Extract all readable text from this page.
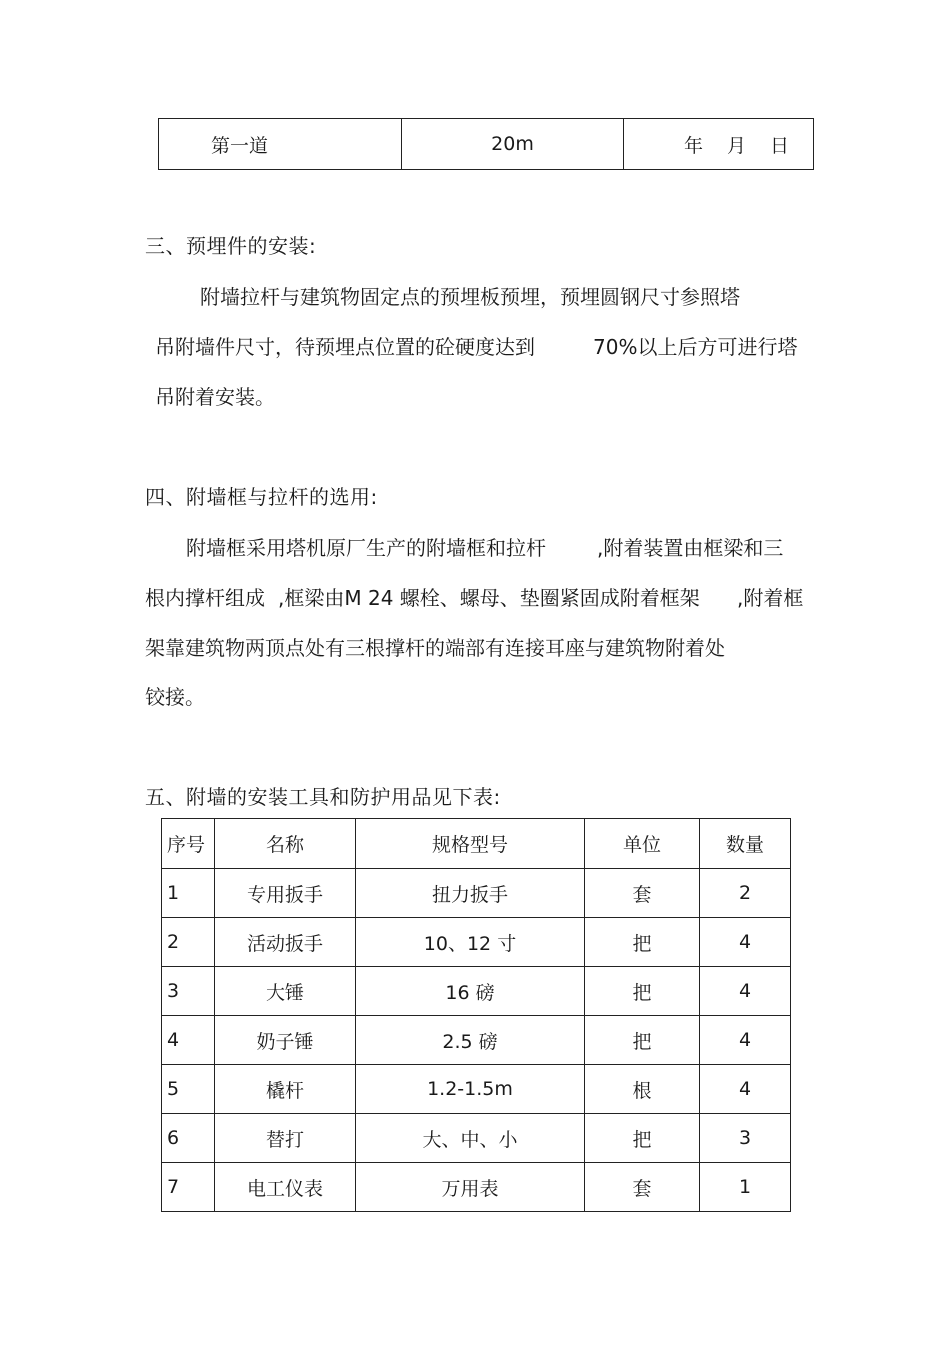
第一道	20m	年 月 日
三、预埋件的安装:
附墙拉杆与建筑物固定点的预埋板预埋，预埋圆钢尺寸参照塔
吊附墙件尺寸，待预埋点位置的砼硬度达到	70%以上后方可进行塔
吊附着安装。
四、附墙框与拉杆的选用:
附墙框采用塔机原厂生产的附墙框和拉杆	,附着装置由框梁和三
根内撑杆组成 ,框梁由M 24 螺栓、螺母、垫圈紧固成附着框架 ,附着框
架靠建筑物两顶点处有三根撑杆的端部有连接耳座与建筑物附着处
铰接。
五、附墙的安装工具和防护用品见下表:
序号	名称	规格型号	单位	数量
1	专用扳手	扭力扳手	套	2
2	活动扳手	10、12 寸	把	4
3	大锤	16 磅	把	4
4	奶子锤	2.5 磅	把	4
5	橇杆	1.2-1.5m	根	4
6	替打	大、中、小	把	3
7	电工仪表	万用表	套	1
